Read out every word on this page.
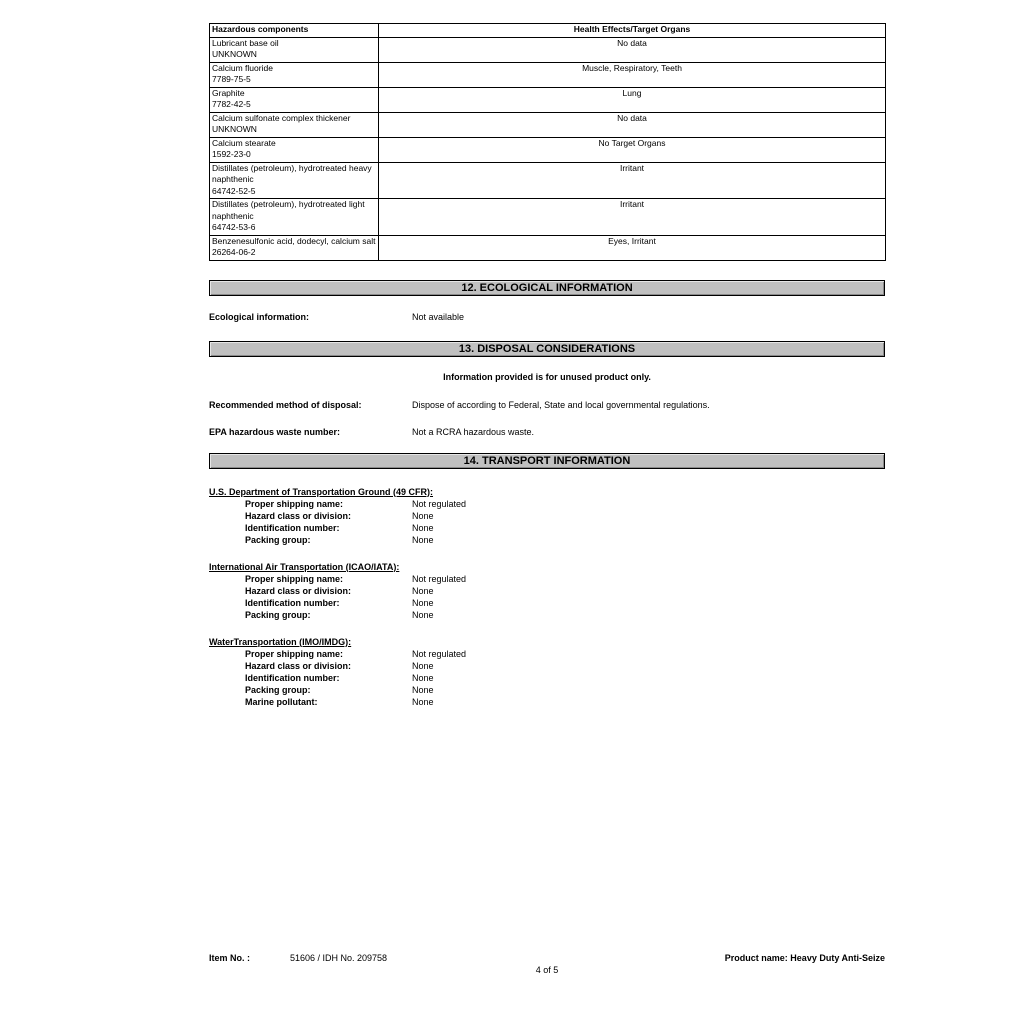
Hazardous components	Health Effects/Target Organs

Lubricant base oil
UNKNOWN	No data

Calcium fluoride
7789-75-5	Muscle, Respiratory, Teeth

Graphite
7782-42-5	Lung

Calcium sulfonate complex thickener
UNKNOWN	No data

Calcium stearate
1592-23-0	No Target Organs

Distillates (petroleum), hydrotreated heavy naphthenic
64742-52-5	Irritant

Distillates (petroleum), hydrotreated light naphthenic
64742-53-6	Irritant

Benzenesulfonic acid, dodecyl, calcium salt
26264-06-2	Eyes, Irritant
12. ECOLOGICAL INFORMATION
Ecological information:	Not available
13. DISPOSAL CONSIDERATIONS
Information provided is for unused product only.
Recommended method of disposal:	Dispose of according to Federal, State and local governmental regulations.
EPA hazardous waste number:	Not a RCRA hazardous waste.
14. TRANSPORT INFORMATION
U.S. Department of Transportation Ground (49 CFR):
Proper shipping name:	Not regulated
Hazard class or division:	None
Identification number:	None
Packing group:	None
International Air Transportation (ICAO/IATA):
Proper shipping name:	Not regulated
Hazard class or division:	None
Identification number:	None
Packing group:	None
WaterTransportation (IMO/IMDG):
Proper shipping name:	Not regulated
Hazard class or division:	None
Identification number:	None
Packing group:	None
Marine pollutant:	None
Item No. :	51606 / IDH No. 209758	Product name: Heavy Duty Anti-Seize
4 of 5
